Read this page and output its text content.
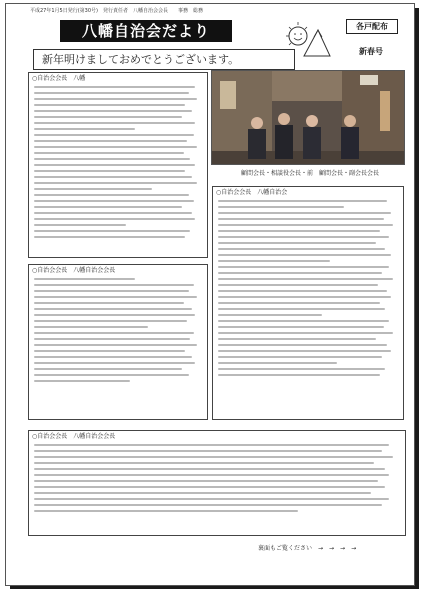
平成27年1月5日発行(第30号)　発行責任者　八幡自治会会長　　事務　総務
八幡自治会だより	各戸配布
新春号
新年明けましておめでとうございます。
○自治会会長　八幡
顧問会長・相談役会長・前　顧問会長・副会長会長
○自治会会長　八幡自治会
○自治会会長　八幡自治会会長
○自治会会長　八幡自治会会長
裏面もご覧ください　→　→　→　→
